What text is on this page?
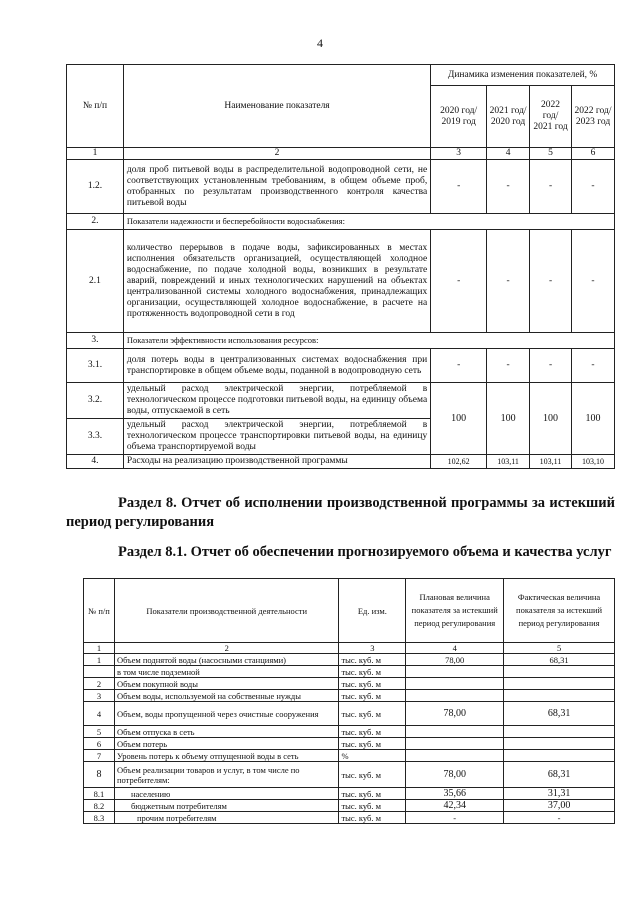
4
№ п/п	Наименование показателя	Динамика изменения показателей, %			
		2020 год/ 2019 год	2021 год/ 2020 год	2022 год/ 2021 год	2022 год/ 2023 год
1	2	3	4	5	6
1.2.	доля проб питьевой воды в распределительной водопроводной сети, не соответствующих установленным требованиям, в общем объеме проб, отобранных по результатам производственного контроля качества питьевой воды	-	-	-	-
2.	Показатели надежности и бесперебойности водоснабжения:				
2.1	количество перерывов в подаче воды, зафиксированных в местах исполнения обязательств организацией, осуществляющей холодное водоснабжение, по подаче холодной воды, возникших в результате аварий, повреждений и иных технологических нарушений на объектах централизованной системы холодного водоснабжения, принадлежащих организации, осуществляющей холодное водоснабжение, в расчете на протяженность водопроводной сети в год	-	-	-	-
3.	Показатели эффективности использования ресурсов:				
3.1.	доля потерь воды в централизованных системах водоснабжения при транспортировке в общем объеме воды, поданной в водопроводную сеть	-	-	-	-
3.2.	удельный расход электрической энергии, потребляемой в технологическом процессе подготовки питьевой воды, на единицу объема воды, отпускаемой в сеть	100	100	100	100
3.3.	удельный расход электрической энергии, потребляемой в технологическом процессе транспортировки питьевой воды, на единицу объема транспортируемой воды				
4.	Расходы на реализацию производственной программы	102,62	103,11	103,11	103,10
Раздел 8. Отчет об исполнении производственной программы за истекший период регулирования
Раздел 8.1. Отчет об обеспечении прогнозируемого объема и качества услуг
№ п/п	Показатели производственной деятельности	Ед. изм.	Плановая величина показателя за истекший период регулирования	Фактическая величина показателя за истекший период регулирования
1	2	3	4	5
1	Объем поднятой воды (насосными станциями)	тыс. куб. м	78,00	68,31
	в том числе подземной	тыс. куб. м		
2	Объем покупной воды	тыс. куб. м		
3	Объем воды, используемой на собственные нужды	тыс. куб. м		
4	Объем, воды пропущенной через очистные сооружения	тыс. куб. м	78,00	68,31
5	Объем отпуска в сеть	тыс. куб. м		
6	Объем потерь	тыс. куб. м		
7	Уровень потерь к объему отпущенной воды в сеть	%		
8	Объем реализации товаров и услуг, в том числе по потребителям:	тыс. куб. м	78,00	68,31
8.1	населению	тыс. куб. м	35,66	31,31
8.2	бюджетным потребителям	тыс. куб. м	42,34	37,00
8.3	прочим потребителям	тыс. куб. м	-	-
